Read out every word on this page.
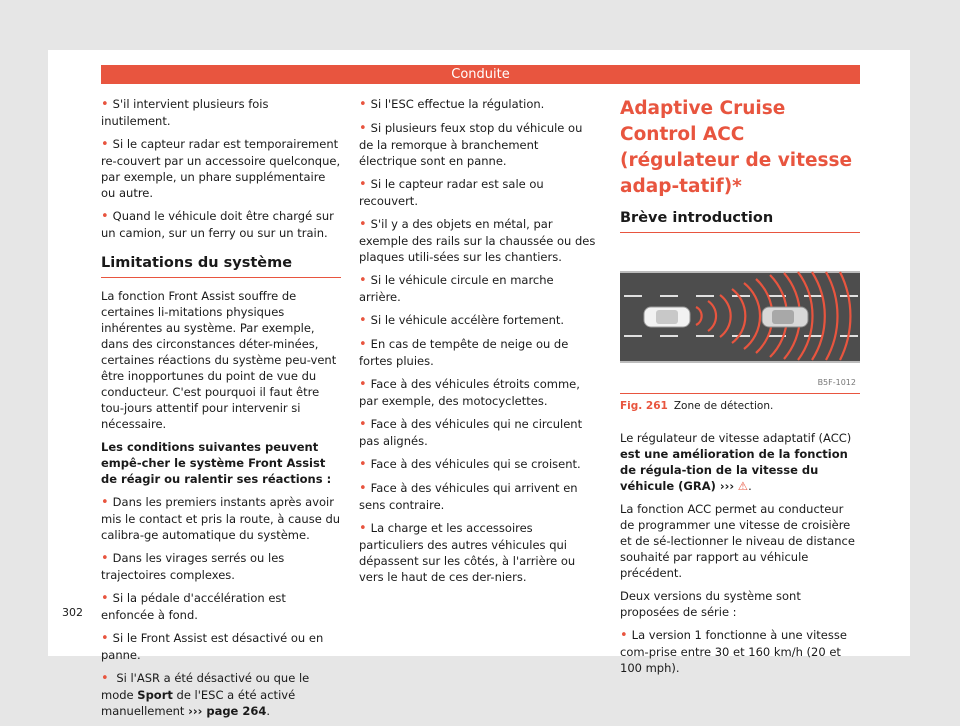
Conduite

• S'il intervient plusieurs fois inutilement.

• Si le capteur radar est temporairement re-couvert par un accessoire quelconque, par exemple, un phare supplémentaire ou autre.

• Quand le véhicule doit être chargé sur un camion, sur un ferry ou sur un train.

Limitations du système

La fonction Front Assist souffre de certaines li-mitations physiques inhérentes au système. Par exemple, dans des circonstances déter-minées, certaines réactions du système peu-vent être inopportunes du point de vue du conducteur. C'est pourquoi il faut être tou-jours attentif pour intervenir si nécessaire.

Les conditions suivantes peuvent empê-cher le système Front Assist de réagir ou ralentir ses réactions :

• Dans les premiers instants après avoir mis le contact et pris la route, à cause du calibra-ge automatique du système.

• Dans les virages serrés ou les trajectoires complexes.

• Si la pédale d'accélération est enfoncée à fond.

• Si le Front Assist est désactivé ou en panne.

• Si l'ASR a été désactivé ou que le mode Sport de l'ESC a été activé manuellement ››› page 264.

• Si l'ESC effectue la régulation.

• Si plusieurs feux stop du véhicule ou de la remorque à branchement électrique sont en panne.

• Si le capteur radar est sale ou recouvert.

• S'il y a des objets en métal, par exemple des rails sur la chaussée ou des plaques utili-sées sur les chantiers.

• Si le véhicule circule en marche arrière.

• Si le véhicule accélère fortement.

• En cas de tempête de neige ou de fortes pluies.

• Face à des véhicules étroits comme, par exemple, des motocyclettes.

• Face à des véhicules qui ne circulent pas alignés.

• Face à des véhicules qui se croisent.

• Face à des véhicules qui arrivent en sens contraire.

• La charge et les accessoires particuliers des autres véhicules qui dépassent sur les côtés, à l'arrière ou vers le haut de ces der-niers.

Adaptive Cruise Control ACC (régulateur de vitesse adap-tatif)*
Brève introduction
B5F-1012
Fig. 261 Zone de détection.

Le régulateur de vitesse adaptatif (ACC) est une amélioration de la fonction de régula-tion de la vitesse du véhicule (GRA) ››› ⚠.

La fonction ACC permet au conducteur de programmer une vitesse de croisière et de sé-lectionner le niveau de distance souhaité par rapport au véhicule précédent.

Deux versions du système sont proposées de série :

• La version 1 fonctionne à une vitesse com-prise entre 30 et 160 km/h (20 et 100 mph).

302
